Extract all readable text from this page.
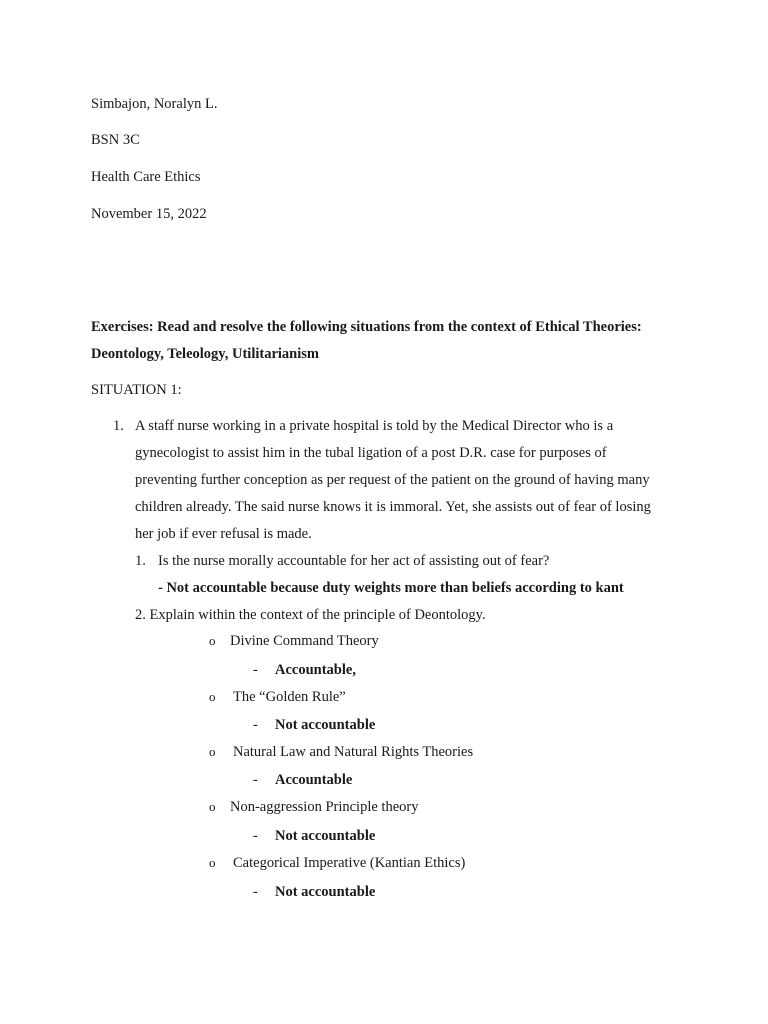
Simbajon, Noralyn L.
BSN 3C
Health Care Ethics
November 15, 2022
Exercises: Read and resolve the following situations from the context of Ethical Theories:
Deontology, Teleology, Utilitarianism
SITUATION 1:
1. A staff nurse working in a private hospital is told by the Medical Director who is a
gynecologist to assist him in the tubal ligation of a post D.R. case for purposes of
preventing further conception as per request of the patient on the ground of having many
children already. The said nurse knows it is immoral. Yet, she assists out of fear of losing
her job if ever refusal is made.
1. Is the nurse morally accountable for her act of assisting out of fear?
- Not accountable because duty weights more than beliefs according to kant
2. Explain within the context of the principle of Deontology.
o Divine Command Theory
- Accountable,
o The “Golden Rule”
- Not accountable
o Natural Law and Natural Rights Theories
- Accountable
o Non-aggression Principle theory
- Not accountable
o Categorical Imperative (Kantian Ethics)
- Not accountable
